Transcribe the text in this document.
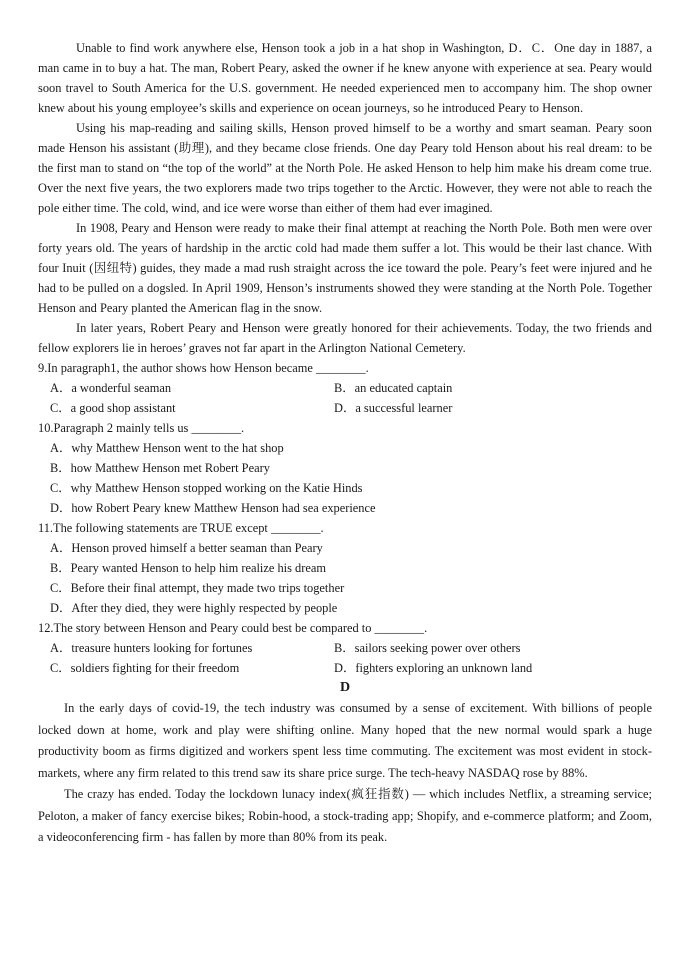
Unable to find work anywhere else, Henson took a job in a hat shop in Washington, D．C．One day in 1887, a man came in to buy a hat. The man, Robert Peary, asked the owner if he knew anyone with experience at sea. Peary would soon travel to South America for the U.S. government. He needed experienced men to accompany him. The shop owner knew about his young employee’s skills and experience on ocean journeys, so he introduced Peary to Henson.

Using his map-reading and sailing skills, Henson proved himself to be a worthy and smart seaman. Peary soon made Henson his assistant (助理), and they became close friends. One day Peary told Henson about his real dream: to be the first man to stand on “the top of the world” at the North Pole. He asked Henson to help him make his dream come true. Over the next five years, the two explorers made two trips together to the Arctic. However, they were not able to reach the pole either time. The cold, wind, and ice were worse than either of them had ever imagined.

In 1908, Peary and Henson were ready to make their final attempt at reaching the North Pole. Both men were over forty years old. The years of hardship in the arctic cold had made them suffer a lot. This would be their last chance. With four Inuit (因纽特) guides, they made a mad rush straight across the ice toward the pole. Peary’s feet were injured and he had to be pulled on a dogsled. In April 1909, Henson’s instruments showed they were standing at the North Pole. Together Henson and Peary planted the American flag in the snow.

In later years, Robert Peary and Henson were greatly honored for their achievements. Today, the two friends and fellow explorers lie in heroes’ graves not far apart in the Arlington National Cemetery.

9.In paragraph1, the author shows how Henson became ________.

A．a wonderful seaman	B．an educated captain
C．a good shop assistant	D．a successful learner

10.Paragraph 2 mainly tells us ________.

A．why Matthew Henson went to the hat shop

B．how Matthew Henson met Robert Peary

C．why Matthew Henson stopped working on the Katie Hinds

D．how Robert Peary knew Matthew Henson had sea experience

11.The following statements are TRUE except ________.

A．Henson proved himself a better seaman than Peary

B．Peary wanted Henson to help him realize his dream

C．Before their final attempt, they made two trips together

D．After they died, they were highly respected by people

12.The story between Henson and Peary could best be compared to ________.

A．treasure hunters looking for fortunes	B．sailors seeking power over others
C．soldiers fighting for their freedom	D．fighters exploring an unknown land

D

In the early days of covid-19, the tech industry was consumed by a sense of excitement. With billions of people locked down at home, work and play were shifting online. Many hoped that the new normal would spark a huge productivity boom as firms digitized and workers spent less time commuting. The excitement was most evident in stock-markets, where any firm related to this trend saw its share price surge. The tech-heavy NASDAQ rose by 88%.

The crazy has ended. Today the lockdown lunacy index(疯狂指数) — which includes Netflix, a streaming service; Peloton, a maker of fancy exercise bikes; Robin-hood, a stock-trading app; Shopify, and e-commerce platform; and Zoom, a videoconferencing firm - has fallen by more than 80% from its peak.
